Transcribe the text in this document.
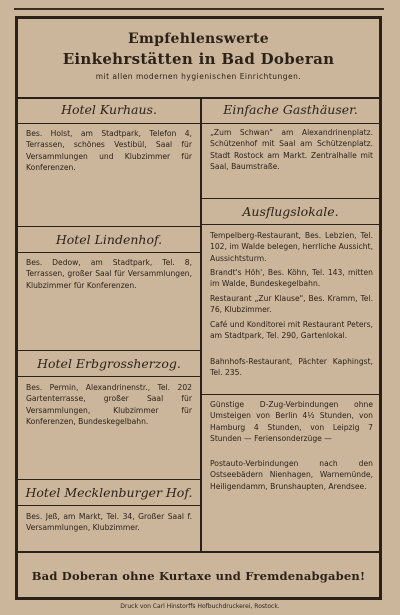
Empfehlenswerte
Einkehrstätten in Bad Doberan
mit allen modernen hygienischen Einrichtungen.
Hotel Kurhaus.
Bes. Holst, am Stadtpark, Telefon 4, Terrassen, schönes Vestibül, Saal für Versammlungen und Klubzimmer für Konferenzen.
Hotel Lindenhof.
Bes. Dedow, am Stadtpark, Tel. 8, Terrassen, großer Saal für Versammlungen, Klubzimmer für Konferenzen.
Hotel Erbgrossherzog.
Bes. Permin, Alexandrinenstr., Tel. 202 Gartenterrasse, großer Saal für Versammlungen, Klubzimmer für Konferenzen, Bundeskegelbahn.
Hotel Mecklenburger Hof.
Bes. Jeß, am Markt, Tel. 34, Großer Saal f. Versammlungen, Klubzimmer.
Einfache Gasthäuser.
„Zum Schwan" am Alexandrinenplatz. Schützenhof mit Saal am Schützenplatz. Stadt Rostock am Markt. Zentralhalle mit Saal, Baumstraße.
Ausflugslokale.
Tempelberg-Restaurant, Bes. Lebzien, Tel. 102, im Walde belegen, herrliche Aussicht, Aussichtsturm.
Brandt's Höh', Bes. Köhn, Tel. 143, mitten im Walde, Bundeskegelbahn.
Restaurant „Zur Klause", Bes. Kramm, Tel. 76, Klubzimmer.
Café und Konditorei mit Restaurant Peters, am Stadtpark, Tel. 290, Gartenlokal.
Bahnhofs-Restaurant, Pächter Kaphingst, Tel. 235.
Günstige D-Zug-Verbindungen ohne Umsteigen von Berlin 4½ Stunden, von Hamburg 4 Stunden, von Leipzig 7 Stunden — Feriensonderzüge —
Postauto-Verbindungen nach den Ostseebädern Nienhagen, Warnemünde, Heiligendamm, Brunshaupten, Arendsee.
Bad Doberan ohne Kurtaxe und Fremdenabgaben!
Druck von Carl Hinstorffs Hofbuchdruckerei, Rostock.
